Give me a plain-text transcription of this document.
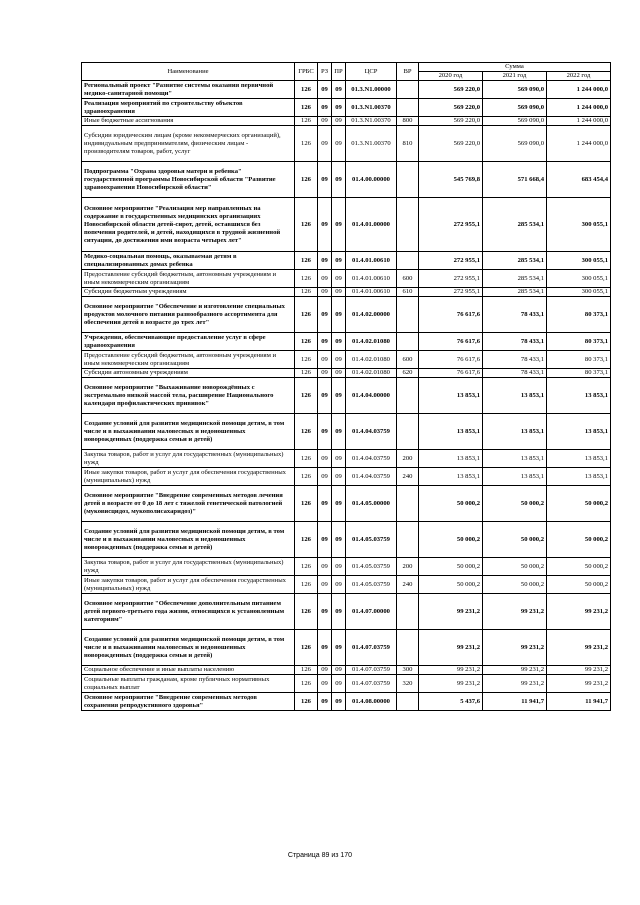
Наименование	ГРБС	РЗ	ПР	ЦСР	ВР	Сумма		
						2020 год	2021 год	2022 год
Региональный проект "Развитие системы оказания первичной медико-санитарной помощи"	126	09	09	01.3.N1.00000		569 220,0	569 090,0	1 244 000,0
Реализация мероприятий по строительству объектов здравоохранения	126	09	09	01.3.N1.00370		569 220,0	569 090,0	1 244 000,0
Иные бюджетные ассигнования	126	09	09	01.3.N1.00370	800	569 220,0	569 090,0	1 244 000,0
Субсидии юридическим лицам (кроме некоммерческих организаций), индивидуальным предпринимателям, физическим лицам - производителям товаров, работ, услуг	126	09	09	01.3.N1.00370	810	569 220,0	569 090,0	1 244 000,0
Подпрограмма "Охрана здоровья матери и ребенка" государственной программы Новосибирской области "Развитие здравоохранения Новосибирской области"	126	09	09	01.4.00.00000		545 769,8	571 668,4	683 454,4
Основное мероприятие "Реализация мер направленных на содержание в государственных медицинских организациях Новосибирской области детей-сирот, детей, оставшихся без попечения родителей, и детей, находящихся в трудной жизненной ситуации, до достижения ими возраста четырех лет"	126	09	09	01.4.01.00000		272 955,1	285 534,1	300 055,1
Медико-социальная помощь, оказываемая детям в специализированных домах ребенка	126	09	09	01.4.01.00610		272 955,1	285 534,1	300 055,1
Предоставление субсидий бюджетным, автономным учреждениям и иным некоммерческим организациям	126	09	09	01.4.01.00610	600	272 955,1	285 534,1	300 055,1
Субсидии бюджетным учреждениям	126	09	09	01.4.01.00610	610	272 955,1	285 534,1	300 055,1
Основное мероприятие "Обеспечение и изготовление специальных продуктов молочного питания разнообразного ассортимента для обеспечения детей в возрасте до трех лет"	126	09	09	01.4.02.00000		76 617,6	78 433,1	80 373,1
Учреждения, обеспечивающие предоставление услуг в сфере здравоохранения	126	09	09	01.4.02.01080		76 617,6	78 433,1	80 373,1
Предоставление субсидий бюджетным, автономным учреждениям и иным некоммерческим организациям	126	09	09	01.4.02.01080	600	76 617,6	78 433,1	80 373,1
Субсидии автономным учреждениям	126	09	09	01.4.02.01080	620	76 617,6	78 433,1	80 373,1
Основное мероприятие "Выхаживание новорождённых с экстремально низкой массой тела, расширение Национального календаря профилактических прививок"	126	09	09	01.4.04.00000		13 853,1	13 853,1	13 853,1
Создание условий для развития медицинской помощи детям, в том числе и в выхаживании маловесных и недоношенных новорожденных (поддержка семьи и детей)	126	09	09	01.4.04.03759		13 853,1	13 853,1	13 853,1
Закупка товаров, работ и услуг для государственных (муниципальных) нужд	126	09	09	01.4.04.03759	200	13 853,1	13 853,1	13 853,1
Иные закупки товаров, работ и услуг для обеспечения государственных (муниципальных) нужд	126	09	09	01.4.04.03759	240	13 853,1	13 853,1	13 853,1
Основное мероприятие "Внедрение современных методов лечения детей в возрасте от 0 до 18 лет с тяжелой генетической патологией (муковисцидоз, мукополисахаридоз)"	126	09	09	01.4.05.00000		50 000,2	50 000,2	50 000,2
Создание условий для развития медицинской помощи детям, в том числе и в выхаживании маловесных и недоношенных новорожденных (поддержка семьи и детей)	126	09	09	01.4.05.03759		50 000,2	50 000,2	50 000,2
Закупка товаров, работ и услуг для государственных (муниципальных) нужд	126	09	09	01.4.05.03759	200	50 000,2	50 000,2	50 000,2
Иные закупки товаров, работ и услуг для обеспечения государственных (муниципальных) нужд	126	09	09	01.4.05.03759	240	50 000,2	50 000,2	50 000,2
Основное мероприятие "Обеспечение дополнительным питанием детей первого-третьего года жизни, относящихся к установленным категориям"	126	09	09	01.4.07.00000		99 231,2	99 231,2	99 231,2
Создание условий для развития медицинской помощи детям, в том числе и в выхаживании маловесных и недоношенных новорожденных (поддержка семьи и детей)	126	09	09	01.4.07.03759		99 231,2	99 231,2	99 231,2
Социальное обеспечение и иные выплаты населению	126	09	09	01.4.07.03759	300	99 231,2	99 231,2	99 231,2
Социальные выплаты гражданам, кроме публичных нормативных социальных выплат	126	09	09	01.4.07.03759	320	99 231,2	99 231,2	99 231,2
Основное мероприятие "Внедрение современных методов сохранения репродуктивного здоровья"	126	09	09	01.4.08.00000		5 437,6	11 941,7	11 941,7
Страница 89 из 170
